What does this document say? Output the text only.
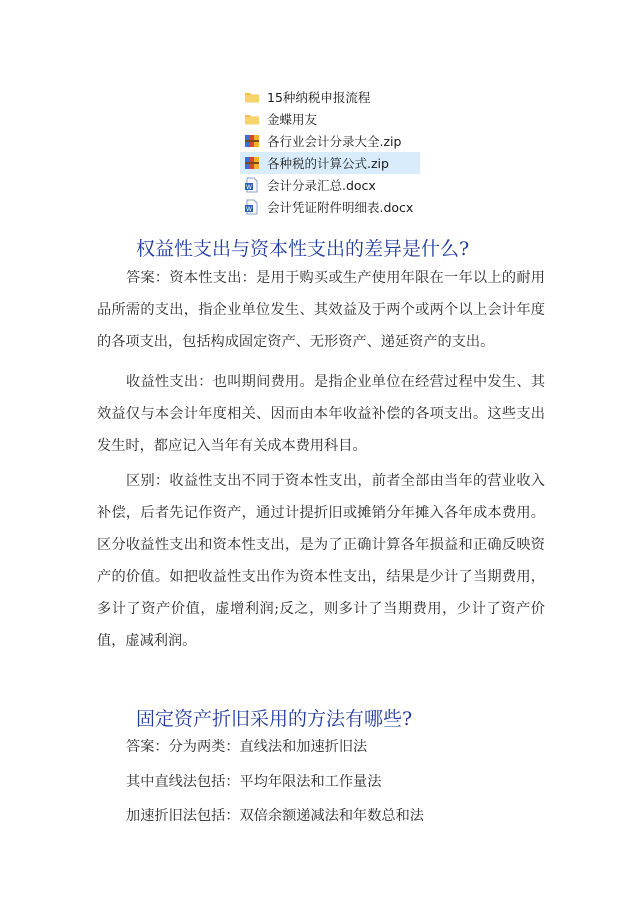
15种纳税申报流程
金蝶用友
各行业会计分录大全.zip
各种税的计算公式.zip
W 会计分录汇总.docx
W 会计凭证附件明细表.docx
权益性支出与资本性支出的差异是什么?

答案：资本性支出：是用于购买或生产使用年限在一年以上的耐用品所需的支出，指企业单位发生、其效益及于两个或两个以上会计年度的各项支出，包括构成固定资产、无形资产、递延资产的支出。

收益性支出：也叫期间费用。是指企业单位在经营过程中发生、其效益仅与本会计年度相关、因而由本年收益补偿的各项支出。这些支出发生时，都应记入当年有关成本费用科目。

区别：收益性支出不同于资本性支出，前者全部由当年的营业收入补偿，后者先记作资产，通过计提折旧或摊销分年摊入各年成本费用。区分收益性支出和资本性支出，是为了正确计算各年损益和正确反映资产的价值。如把收益性支出作为资本性支出，结果是少计了当期费用，多计了资产价值，虚增利润;反之，则多计了当期费用，少计了资产价值，虚减利润。

固定资产折旧采用的方法有哪些?

答案：分为两类：直线法和加速折旧法

其中直线法包括：平均年限法和工作量法

加速折旧法包括：双倍余额递减法和年数总和法
